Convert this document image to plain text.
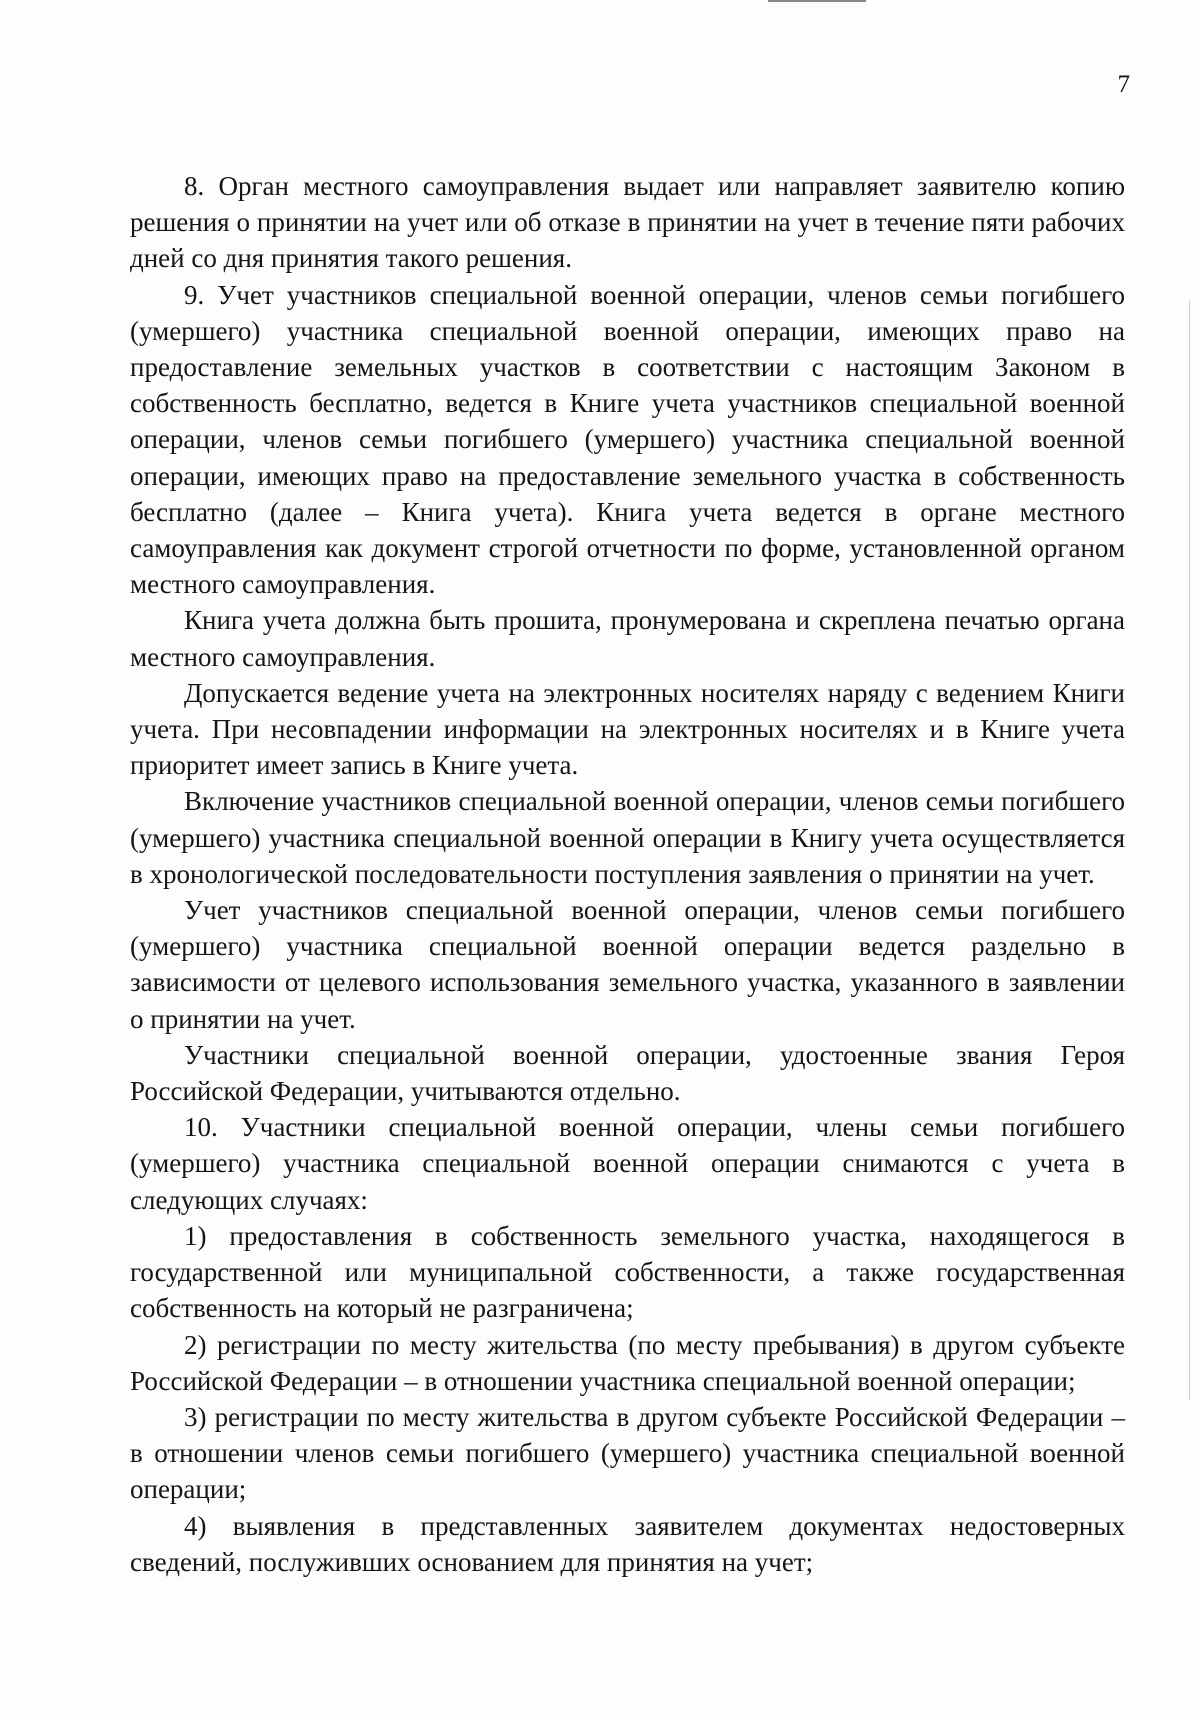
7

8. Орган местного самоуправления выдает или направляет заявителю копию решения о принятии на учет или об отказе в принятии на учет в течение пяти рабочих дней со дня принятия такого решения.

9. Учет участников специальной военной операции, членов семьи погибшего (умершего) участника специальной военной операции, имеющих право на предоставление земельных участков в соответствии с настоящим Законом в собственность бесплатно, ведется в Книге учета участников специальной военной операции, членов семьи погибшего (умершего) участника специальной военной операции, имеющих право на предоставление земельного участка в собственность бесплатно (далее – Книга учета). Книга учета ведется в органе местного самоуправления как документ строгой отчетности по форме, установленной органом местного самоуправления.

Книга учета должна быть прошита, пронумерована и скреплена печатью органа местного самоуправления.

Допускается ведение учета на электронных носителях наряду с ведением Книги учета. При несовпадении информации на электронных носителях и в Книге учета приоритет имеет запись в Книге учета.

Включение участников специальной военной операции, членов семьи погибшего (умершего) участника специальной военной операции в Книгу учета осуществляется в хронологической последовательности поступления заявления о принятии на учет.

Учет участников специальной военной операции, членов семьи погибшего (умершего) участника специальной военной операции ведется раздельно в зависимости от целевого использования земельного участка, указанного в заявлении о принятии на учет.

Участники специальной военной операции, удостоенные звания Героя Российской Федерации, учитываются отдельно.

10. Участники специальной военной операции, члены семьи погибшего (умершего) участника специальной военной операции снимаются с учета в следующих случаях:

1) предоставления в собственность земельного участка, находящегося в государственной или муниципальной собственности, а также государственная собственность на который не разграничена;

2) регистрации по месту жительства (по месту пребывания) в другом субъекте Российской Федерации – в отношении участника специальной военной операции;

3) регистрации по месту жительства в другом субъекте Российской Федерации – в отношении членов семьи погибшего (умершего) участника специальной военной операции;

4) выявления в представленных заявителем документах недостоверных сведений, послуживших основанием для принятия на учет;
